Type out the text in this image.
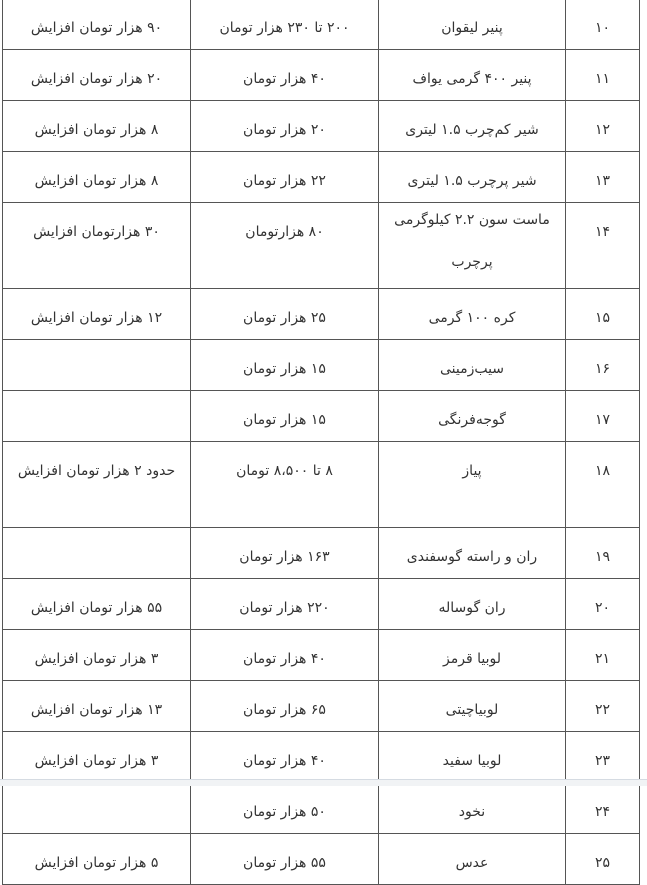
۱۰	پنیر لیقوان	۲۰۰ تا ۲۳۰ هزار تومان	۹۰ هزار تومان افزایش
۱۱	پنیر ۴۰۰ گرمی یواف	۴۰ هزار تومان	۲۰ هزار تومان افزایش
۱۲	شیر کم‌چرب ۱.۵ لیتری	۲۰ هزار تومان	۸ هزار تومان افزایش
۱۳	شیر پرچرب ۱.۵ لیتری	۲۲ هزار تومان	۸ هزار تومان افزایش
۱۴	ماست سون ۲.۲ کیلوگرمی پرچرب	۸۰ هزارتومان	۳۰ هزارتومان افزایش
۱۵	کره ۱۰۰ گرمی	۲۵ هزار تومان	۱۲ هزار تومان افزایش
۱۶	سیب‌زمینی	۱۵ هزار تومان	
۱۷	گوجه‌فرنگی	۱۵ هزار تومان	
۱۸	پیاز	۸ تا ۸،۵۰۰ تومان	حدود ۲ هزار تومان افزایش
۱۹	ران و راسته گوسفندی	۱۶۳ هزار تومان	
۲۰	ران گوساله	۲۲۰ هزار تومان	۵۵ هزار تومان افزایش
۲۱	لوبیا قرمز	۴۰ هزار تومان	۳ هزار تومان افزایش
۲۲	لوبیاچیتی	۶۵ هزار تومان	۱۳ هزار تومان افزایش
۲۳	لوبیا سفید	۴۰ هزار تومان	۳ هزار تومان افزایش
۲۴	نخود	۵۰ هزار تومان	
۲۵	عدس	۵۵ هزار تومان	۵ هزار تومان افزایش
